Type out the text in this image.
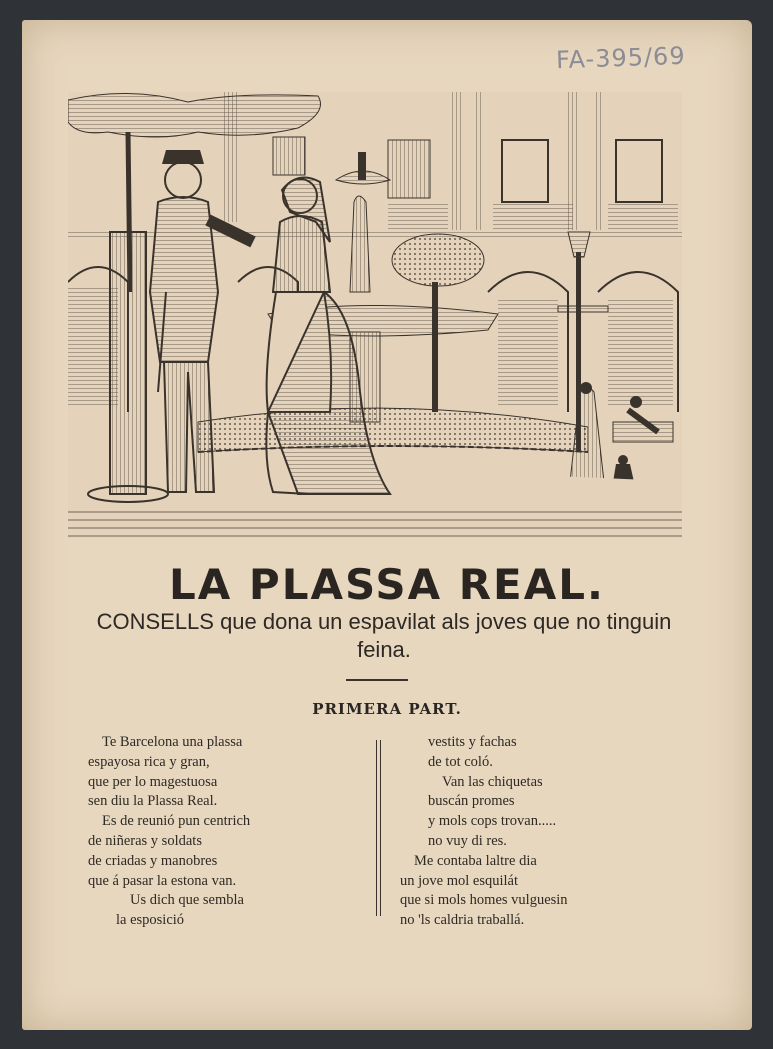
FA-395/69
LA PLASSA REAL.
CONSELLS que dona un espavilat als joves que no tinguin feina.
PRIMERA PART.
Te Barcelona una plassa
espayosa rica y gran,
que per lo magestuosa
sen diu la Plassa Real.
Es de reunió pun centrich
de niñeras y soldats
de criadas y manobres
que á pasar la estona van.
Us dich que sembla
la esposició
vestits y fachas
de tot coló.
Van las chiquetas
buscán promes
y mols cops trovan.....
no vuy di res.
Me contaba laltre dia
un jove mol esquilát
que si mols homes vulguesin
no 'ls caldria traballá.
